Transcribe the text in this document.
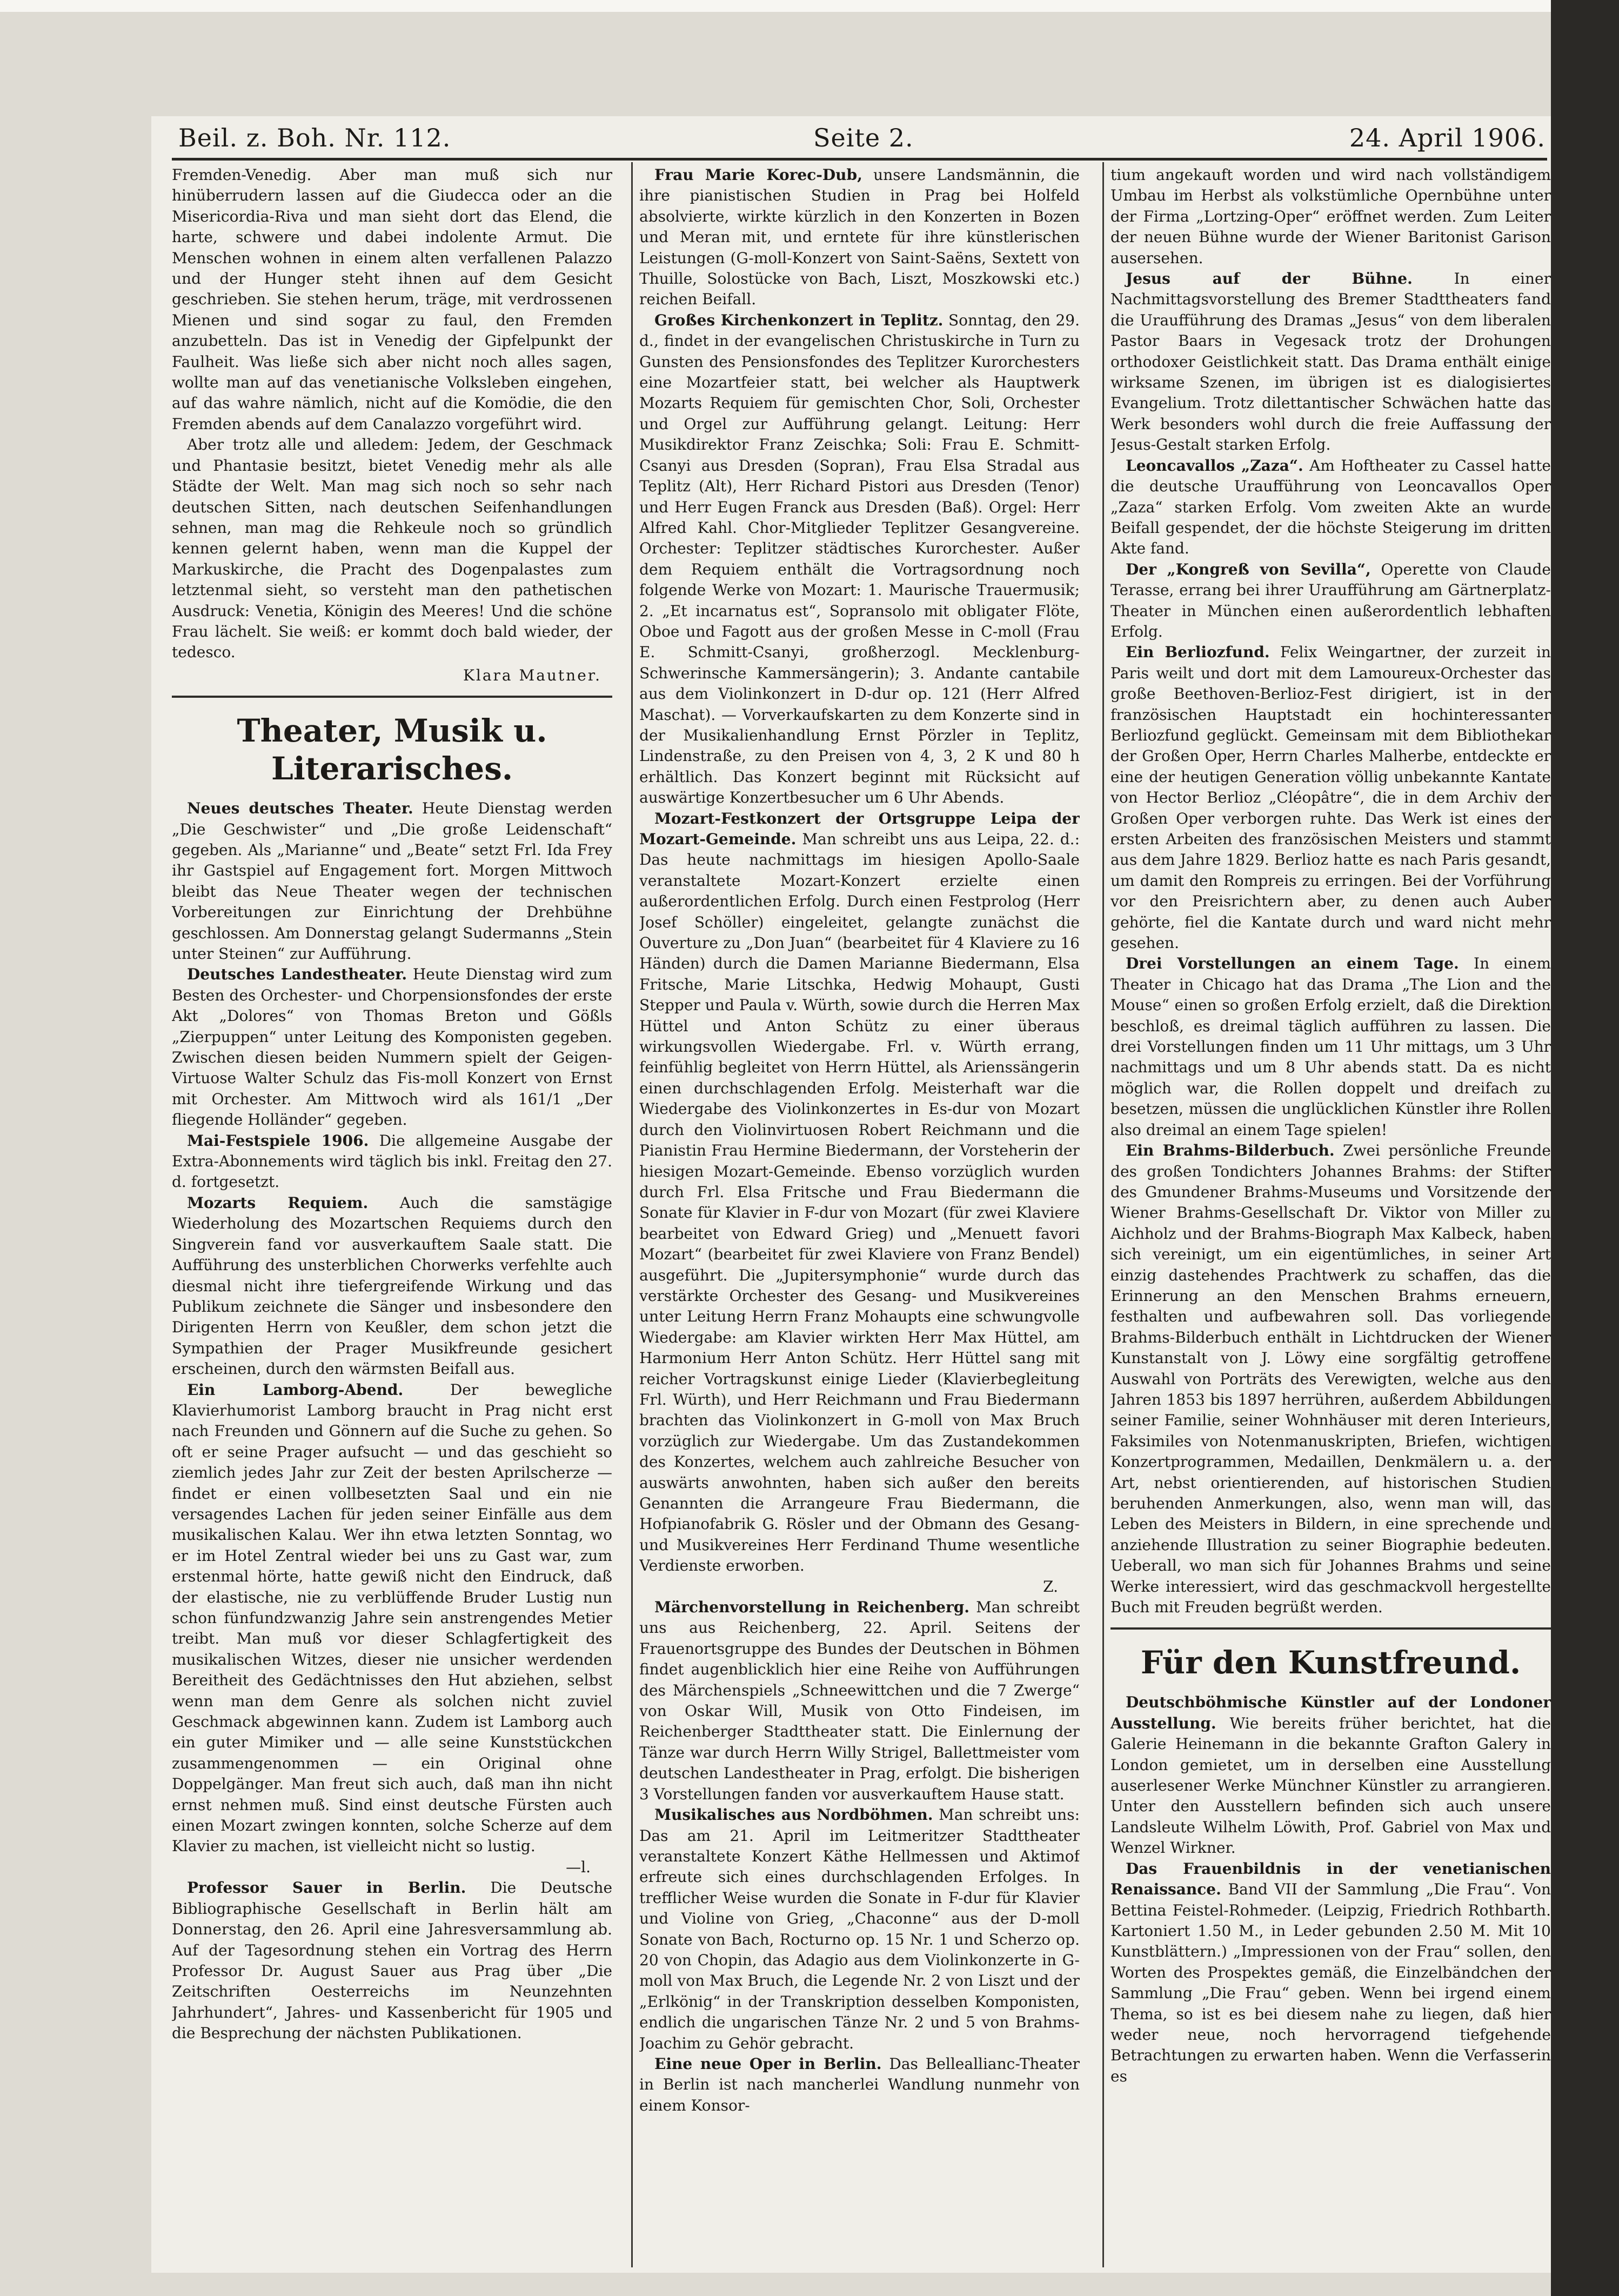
Beil. z. Boh. Nr. 112.	Seite 2.	24. April 1906.

Fremden-Venedig. Aber man muß sich nur hinüberrudern lassen auf die Giudecca oder an die Misericordia-Riva und man sieht dort das Elend, die harte, schwere und dabei indolente Armut. Die Menschen wohnen in einem alten verfallenen Palazzo und der Hunger steht ihnen auf dem Gesicht geschrieben. Sie stehen herum, träge, mit verdrossenen Mienen und sind sogar zu faul, den Fremden anzubetteln. Das ist in Venedig der Gipfelpunkt der Faulheit. Was ließe sich aber nicht noch alles sagen, wollte man auf das venetianische Volksleben eingehen, auf das wahre nämlich, nicht auf die Komödie, die den Fremden abends auf dem Canalazzo vorgeführt wird.

Aber trotz alle und alledem: Jedem, der Geschmack und Phantasie besitzt, bietet Venedig mehr als alle Städte der Welt. Man mag sich noch so sehr nach deutschen Sitten, nach deutschen Seifenhandlungen sehnen, man mag die Rehkeule noch so gründlich kennen gelernt haben, wenn man die Kuppel der Markuskirche, die Pracht des Dogenpalastes zum letztenmal sieht, so versteht man den pathetischen Ausdruck: Venetia, Königin des Meeres! Und die schöne Frau lächelt. Sie weiß: er kommt doch bald wieder, der tedesco.

Klara Mautner.

Theater, Musik u. Literarisches.

Neues deutsches Theater. Heute Dienstag werden „Die Geschwister“ und „Die große Leidenschaft“ gegeben. Als „Marianne“ und „Beate“ setzt Frl. Ida Frey ihr Gastspiel auf Engagement fort. Morgen Mittwoch bleibt das Neue Theater wegen der technischen Vorbereitungen zur Einrichtung der Drehbühne geschlossen. Am Donnerstag gelangt Sudermanns „Stein unter Steinen“ zur Aufführung.

Deutsches Landestheater. Heute Dienstag wird zum Besten des Orchester- und Chorpensionsfondes der erste Akt „Dolores“ von Thomas Breton und Gößls „Zierpuppen“ unter Leitung des Komponisten gegeben. Zwischen diesen beiden Nummern spielt der Geigen-Virtuose Walter Schulz das Fis-moll Konzert von Ernst mit Orchester. Am Mittwoch wird als 161/1 „Der fliegende Holländer“ gegeben.

Mai-Festspiele 1906. Die allgemeine Ausgabe der Extra-Abonnements wird täglich bis inkl. Freitag den 27. d. fortgesetzt.

Mozarts Requiem. Auch die samstägige Wiederholung des Mozartschen Requiems durch den Singverein fand vor ausverkauftem Saale statt. Die Aufführung des unsterblichen Chorwerks verfehlte auch diesmal nicht ihre tiefergreifende Wirkung und das Publikum zeichnete die Sänger und insbesondere den Dirigenten Herrn von Keußler, dem schon jetzt die Sympathien der Prager Musikfreunde gesichert erscheinen, durch den wärmsten Beifall aus.

Ein Lamborg-Abend. Der bewegliche Klavierhumorist Lamborg braucht in Prag nicht erst nach Freunden und Gönnern auf die Suche zu gehen. So oft er seine Prager aufsucht — und das geschieht so ziemlich jedes Jahr zur Zeit der besten Aprilscherze — findet er einen vollbesetzten Saal und ein nie versagendes Lachen für jeden seiner Einfälle aus dem musikalischen Kalau. Wer ihn etwa letzten Sonntag, wo er im Hotel Zentral wieder bei uns zu Gast war, zum erstenmal hörte, hatte gewiß nicht den Eindruck, daß der elastische, nie zu verblüffende Bruder Lustig nun schon fünfundzwanzig Jahre sein anstrengendes Metier treibt. Man muß vor dieser Schlagfertigkeit des musikalischen Witzes, dieser nie unsicher werdenden Bereitheit des Gedächtnisses den Hut abziehen, selbst wenn man dem Genre als solchen nicht zuviel Geschmack abgewinnen kann. Zudem ist Lamborg auch ein guter Mimiker und — alle seine Kunststückchen zusammengenommen — ein Original ohne Doppelgänger. Man freut sich auch, daß man ihn nicht ernst nehmen muß. Sind einst deutsche Fürsten auch einen Mozart zwingen konnten, solche Scherze auf dem Klavier zu machen, ist vielleicht nicht so lustig.

—l.

Professor Sauer in Berlin. Die Deutsche Bibliographische Gesellschaft in Berlin hält am Donnerstag, den 26. April eine Jahresversammlung ab. Auf der Tagesordnung stehen ein Vortrag des Herrn Professor Dr. August Sauer aus Prag über „Die Zeitschriften Oesterreichs im Neunzehnten Jahrhundert“, Jahres- und Kassenbericht für 1905 und die Besprechung der nächsten Publikationen.

Frau Marie Korec-Dub, unsere Landsmännin, die ihre pianistischen Studien in Prag bei Holfeld absolvierte, wirkte kürzlich in den Konzerten in Bozen und Meran mit, und erntete für ihre künstlerischen Leistungen (G-moll-Konzert von Saint-Saëns, Sextett von Thuille, Solostücke von Bach, Liszt, Moszkowski etc.) reichen Beifall.

Großes Kirchenkonzert in Teplitz. Sonntag, den 29. d., findet in der evangelischen Christuskirche in Turn zu Gunsten des Pensionsfondes des Teplitzer Kurorchesters eine Mozartfeier statt, bei welcher als Hauptwerk Mozarts Requiem für gemischten Chor, Soli, Orchester und Orgel zur Aufführung gelangt. Leitung: Herr Musikdirektor Franz Zeischka; Soli: Frau E. Schmitt-Csanyi aus Dresden (Sopran), Frau Elsa Stradal aus Teplitz (Alt), Herr Richard Pistori aus Dresden (Tenor) und Herr Eugen Franck aus Dresden (Baß). Orgel: Herr Alfred Kahl. Chor-Mitglieder Teplitzer Gesangvereine. Orchester: Teplitzer städtisches Kurorchester. Außer dem Requiem enthält die Vortragsordnung noch folgende Werke von Mozart: 1. Maurische Trauermusik; 2. „Et incarnatus est“, Sopransolo mit obligater Flöte, Oboe und Fagott aus der großen Messe in C-moll (Frau E. Schmitt-Csanyi, großherzogl. Mecklenburg-Schwerinsche Kammersängerin); 3. Andante cantabile aus dem Violinkonzert in D-dur op. 121 (Herr Alfred Maschat). — Vorverkaufskarten zu dem Konzerte sind in der Musikalienhandlung Ernst Pörzler in Teplitz, Lindenstraße, zu den Preisen von 4, 3, 2 K und 80 h erhältlich. Das Konzert beginnt mit Rücksicht auf auswärtige Konzertbesucher um 6 Uhr Abends.

Mozart-Festkonzert der Ortsgruppe Leipa der Mozart-Gemeinde. Man schreibt uns aus Leipa, 22. d.: Das heute nachmittags im hiesigen Apollo-Saale veranstaltete Mozart-Konzert erzielte einen außerordentlichen Erfolg. Durch einen Festprolog (Herr Josef Schöller) eingeleitet, gelangte zunächst die Ouverture zu „Don Juan“ (bearbeitet für 4 Klaviere zu 16 Händen) durch die Damen Marianne Biedermann, Elsa Fritsche, Marie Litschka, Hedwig Mohaupt, Gusti Stepper und Paula v. Würth, sowie durch die Herren Max Hüttel und Anton Schütz zu einer überaus wirkungsvollen Wiedergabe. Frl. v. Würth errang, feinfühlig begleitet von Herrn Hüttel, als Arienssängerin einen durchschlagenden Erfolg. Meisterhaft war die Wiedergabe des Violinkonzertes in Es-dur von Mozart durch den Violinvirtuosen Robert Reichmann und die Pianistin Frau Hermine Biedermann, der Vorsteherin der hiesigen Mozart-Gemeinde. Ebenso vorzüglich wurden durch Frl. Elsa Fritsche und Frau Biedermann die Sonate für Klavier in F-dur von Mozart (für zwei Klaviere bearbeitet von Edward Grieg) und „Menuett favori Mozart“ (bearbeitet für zwei Klaviere von Franz Bendel) ausgeführt. Die „Jupitersymphonie“ wurde durch das verstärkte Orchester des Gesang- und Musikvereines unter Leitung Herrn Franz Mohaupts eine schwungvolle Wiedergabe: am Klavier wirkten Herr Max Hüttel, am Harmonium Herr Anton Schütz. Herr Hüttel sang mit reicher Vortragskunst einige Lieder (Klavierbegleitung Frl. Würth), und Herr Reichmann und Frau Biedermann brachten das Violinkonzert in G-moll von Max Bruch vorzüglich zur Wiedergabe. Um das Zustandekommen des Konzertes, welchem auch zahlreiche Besucher von auswärts anwohnten, haben sich außer den bereits Genannten die Arrangeure Frau Biedermann, die Hofpianofabrik G. Rösler und der Obmann des Gesang- und Musikvereines Herr Ferdinand Thume wesentliche Verdienste erworben.

Z.

Märchenvorstellung in Reichenberg. Man schreibt uns aus Reichenberg, 22. April. Seitens der Frauenortsgruppe des Bundes der Deutschen in Böhmen findet augenblicklich hier eine Reihe von Aufführungen des Märchenspiels „Schneewittchen und die 7 Zwerge“ von Oskar Will, Musik von Otto Findeisen, im Reichenberger Stadttheater statt. Die Einlernung der Tänze war durch Herrn Willy Strigel, Ballettmeister vom deutschen Landestheater in Prag, erfolgt. Die bisherigen 3 Vorstellungen fanden vor ausverkauftem Hause statt.

Musikalisches aus Nordböhmen. Man schreibt uns: Das am 21. April im Leitmeritzer Stadttheater veranstaltete Konzert Käthe Hellmessen und Aktimof erfreute sich eines durchschlagenden Erfolges. In trefflicher Weise wurden die Sonate in F-dur für Klavier und Violine von Grieg, „Chaconne“ aus der D-moll Sonate von Bach, Rocturno op. 15 Nr. 1 und Scherzo op. 20 von Chopin, das Adagio aus dem Violinkonzerte in G-moll von Max Bruch, die Legende Nr. 2 von Liszt und der „Erlkönig“ in der Transkription desselben Komponisten, endlich die ungarischen Tänze Nr. 2 und 5 von Brahms-Joachim zu Gehör gebracht.

Eine neue Oper in Berlin. Das Belleallianc-Theater in Berlin ist nach mancherlei Wandlung nunmehr von einem Konsor-

tium angekauft worden und wird nach vollständigem Umbau im Herbst als volkstümliche Opernbühne unter der Firma „Lortzing-Oper“ eröffnet werden. Zum Leiter der neuen Bühne wurde der Wiener Baritonist Garison ausersehen.

Jesus auf der Bühne. In einer Nachmittagsvorstellung des Bremer Stadttheaters fand die Uraufführung des Dramas „Jesus“ von dem liberalen Pastor Baars in Vegesack trotz der Drohungen orthodoxer Geistlichkeit statt. Das Drama enthält einige wirksame Szenen, im übrigen ist es dialogisiertes Evangelium. Trotz dilettantischer Schwächen hatte das Werk besonders wohl durch die freie Auffassung der Jesus-Gestalt starken Erfolg.

Leoncavallos „Zaza“. Am Hoftheater zu Cassel hatte die deutsche Uraufführung von Leoncavallos Oper „Zaza“ starken Erfolg. Vom zweiten Akte an wurde Beifall gespendet, der die höchste Steigerung im dritten Akte fand.

Der „Kongreß von Sevilla“, Operette von Claude Terasse, errang bei ihrer Uraufführung am Gärtnerplatz-Theater in München einen außerordentlich lebhaften Erfolg.

Ein Berliozfund. Felix Weingartner, der zurzeit in Paris weilt und dort mit dem Lamoureux-Orchester das große Beethoven-Berlioz-Fest dirigiert, ist in der französischen Hauptstadt ein hochinteressanter Berliozfund geglückt. Gemeinsam mit dem Bibliothekar der Großen Oper, Herrn Charles Malherbe, entdeckte er eine der heutigen Generation völlig unbekannte Kantate von Hector Berlioz „Cléopâtre“, die in dem Archiv der Großen Oper verborgen ruhte. Das Werk ist eines der ersten Arbeiten des französischen Meisters und stammt aus dem Jahre 1829. Berlioz hatte es nach Paris gesandt, um damit den Rompreis zu erringen. Bei der Vorführung vor den Preisrichtern aber, zu denen auch Auber gehörte, fiel die Kantate durch und ward nicht mehr gesehen.

Drei Vorstellungen an einem Tage. In einem Theater in Chicago hat das Drama „The Lion and the Mouse“ einen so großen Erfolg erzielt, daß die Direktion beschloß, es dreimal täglich aufführen zu lassen. Die drei Vorstellungen finden um 11 Uhr mittags, um 3 Uhr nachmittags und um 8 Uhr abends statt. Da es nicht möglich war, die Rollen doppelt und dreifach zu besetzen, müssen die unglücklichen Künstler ihre Rollen also dreimal an einem Tage spielen!

Ein Brahms-Bilderbuch. Zwei persönliche Freunde des großen Tondichters Johannes Brahms: der Stifter des Gmundener Brahms-Museums und Vorsitzende der Wiener Brahms-Gesellschaft Dr. Viktor von Miller zu Aichholz und der Brahms-Biograph Max Kalbeck, haben sich vereinigt, um ein eigentümliches, in seiner Art einzig dastehendes Prachtwerk zu schaffen, das die Erinnerung an den Menschen Brahms erneuern, festhalten und aufbewahren soll. Das vorliegende Brahms-Bilderbuch enthält in Lichtdrucken der Wiener Kunstanstalt von J. Löwy eine sorgfältig getroffene Auswahl von Porträts des Verewigten, welche aus den Jahren 1853 bis 1897 herrühren, außerdem Abbildungen seiner Familie, seiner Wohnhäuser mit deren Interieurs, Faksimiles von Notenmanuskripten, Briefen, wichtigen Konzertprogrammen, Medaillen, Denkmälern u. a. der Art, nebst orientierenden, auf historischen Studien beruhenden Anmerkungen, also, wenn man will, das Leben des Meisters in Bildern, in eine sprechende und anziehende Illustration zu seiner Biographie bedeuten. Ueberall, wo man sich für Johannes Brahms und seine Werke interessiert, wird das geschmackvoll hergestellte Buch mit Freuden begrüßt werden.

Für den Kunstfreund.

Deutschböhmische Künstler auf der Londoner Ausstellung. Wie bereits früher berichtet, hat die Galerie Heinemann in die bekannte Grafton Galery in London gemietet, um in derselben eine Ausstellung auserlesener Werke Münchner Künstler zu arrangieren. Unter den Ausstellern befinden sich auch unsere Landsleute Wilhelm Löwith, Prof. Gabriel von Max und Wenzel Wirkner.

Das Frauenbildnis in der venetianischen Renaissance. Band VII der Sammlung „Die Frau“. Von Bettina Feistel-Rohmeder. (Leipzig, Friedrich Rothbarth. Kartoniert 1.50 M., in Leder gebunden 2.50 M. Mit 10 Kunstblättern.) „Impressionen von der Frau“ sollen, den Worten des Prospektes gemäß, die Einzelbändchen der Sammlung „Die Frau“ geben. Wenn bei irgend einem Thema, so ist es bei diesem nahe zu liegen, daß hier weder neue, noch hervorragend tiefgehende Betrachtungen zu erwarten haben. Wenn die Verfasserin es
